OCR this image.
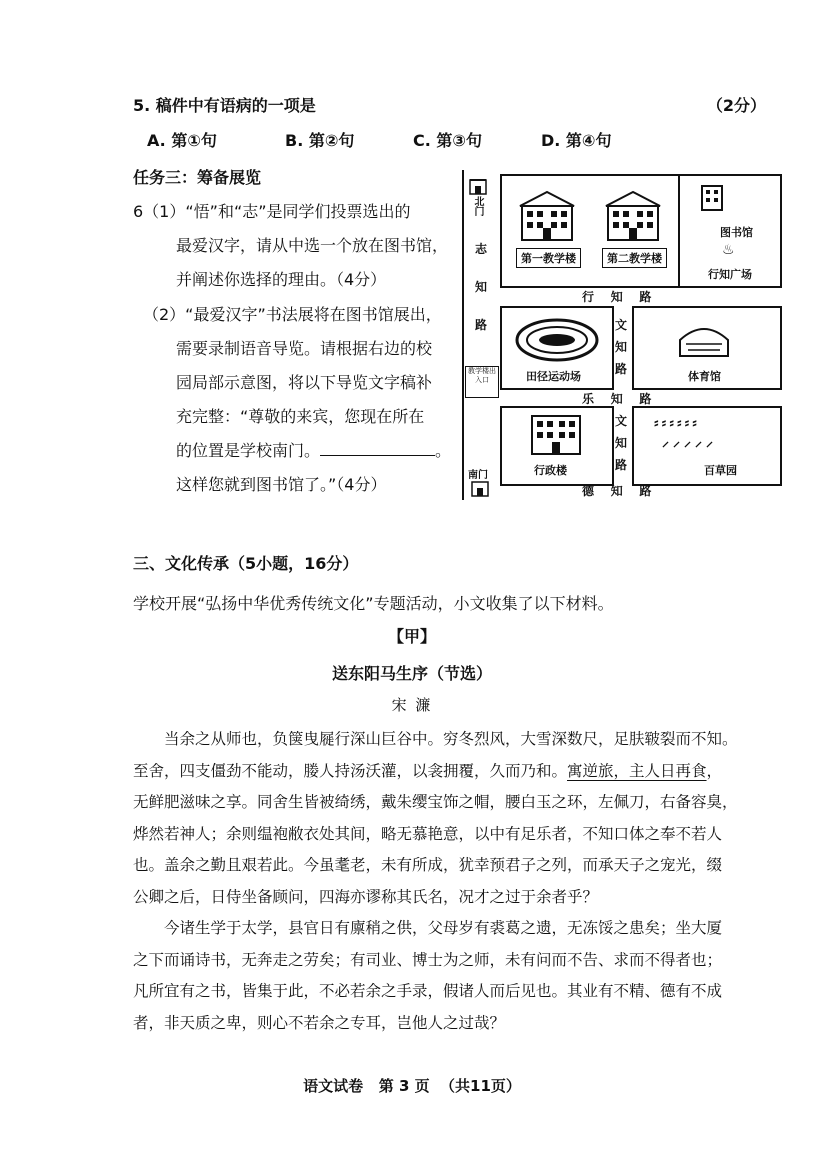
5. 稿件中有语病的一项是	（2分）
A. 第①句	B. 第②句	C. 第③句	D. 第④句
任务三：筹备展览
6（1）“悟”和“志”是同学们投票选出的
最爱汉字，请从中选一个放在图书馆，
并阐述你选择的理由。（4分）
（2）“最爱汉字”书法展将在图书馆展出，
需要录制语音导览。请根据右边的校
园局部示意图，将以下导览文字稿补
充完整：“尊敬的来宾，您现在所在
的位置是学校南门。	。
这样您就到图书馆了。”（4分）
北门
志
知
路
教学楼出入口
南门
第一教学楼	第二教学楼
图书馆
♨
行知广场
行    知    路
田径运动场
文
知
路
体育馆
乐    知    路
行政楼
文
知
路
⸗⸗⸗⸗⸗⸗
⸝⸝⸝⸝⸝
百草园
德    知    路
三、文化传承（5小题，16分）
学校开展“弘扬中华优秀传统文化”专题活动，小文收集了以下材料。
【甲】
送东阳马生序（节选）
宋 濂
当余之从师也，负箧曳屣行深山巨谷中。穷冬烈风，大雪深数尺，足肤皲裂而不知。
至舍，四支僵劲不能动，媵人持汤沃灌，以衾拥覆，久而乃和。寓逆旅，主人日再食，
无鲜肥滋味之享。同舍生皆被绮绣，戴朱缨宝饰之帽，腰白玉之环，左佩刀，右备容臭，
烨然若神人；余则缊袍敝衣处其间，略无慕艳意，以中有足乐者，不知口体之奉不若人
也。盖余之勤且艰若此。今虽耄老，未有所成，犹幸预君子之列，而承天子之宠光，缀
公卿之后，日侍坐备顾问，四海亦谬称其氏名，况才之过于余者乎？
今诸生学于太学，县官日有廪稍之供，父母岁有裘葛之遗，无冻馁之患矣；坐大厦
之下而诵诗书，无奔走之劳矣；有司业、博士为之师，未有问而不告、求而不得者也；
凡所宜有之书，皆集于此，不必若余之手录，假诸人而后见也。其业有不精、德有不成
者，非天质之卑，则心不若余之专耳，岂他人之过哉？
语文试卷   第 3 页  （共11页）
